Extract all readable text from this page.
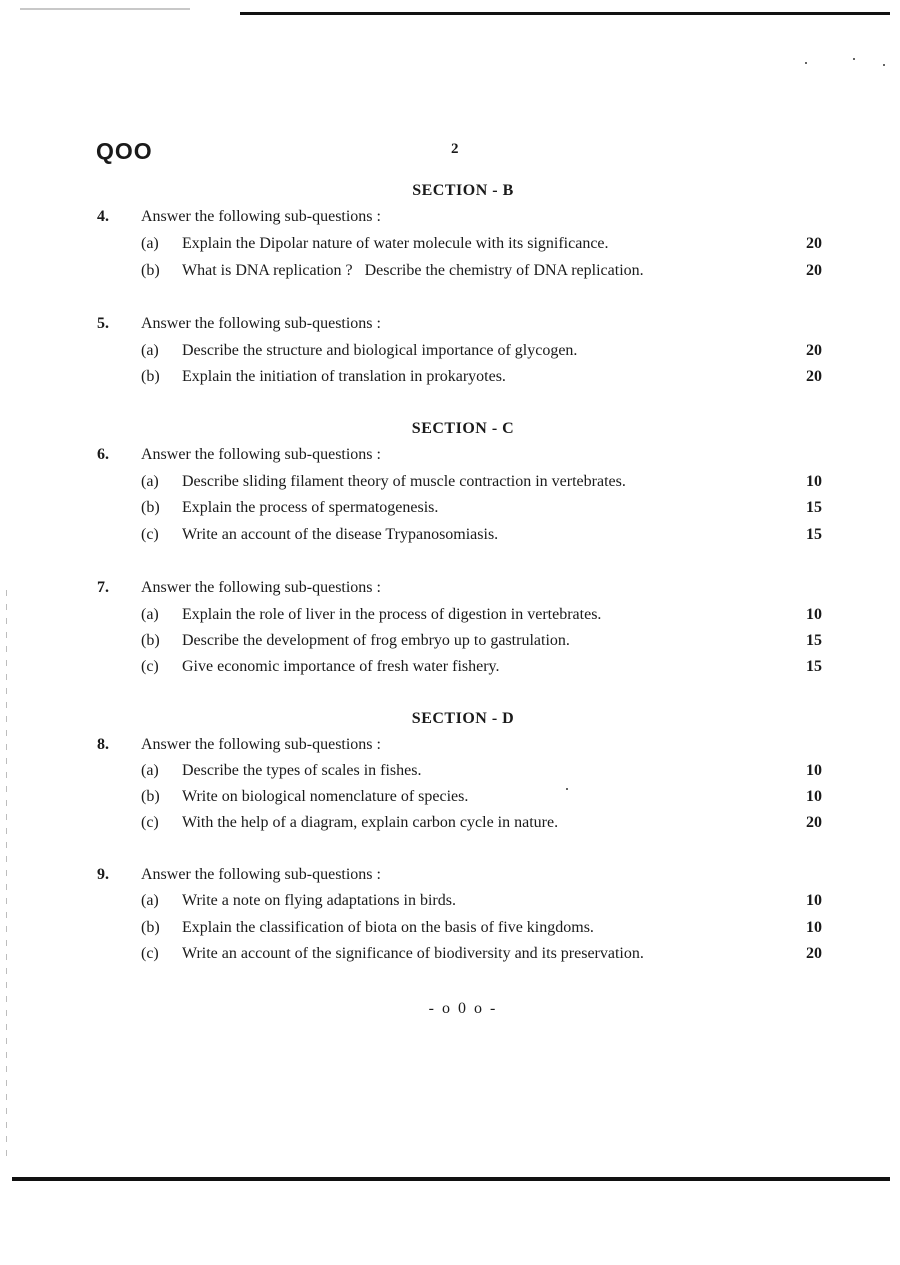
QOO	2
SECTION - B
4. Answer the following sub-questions :
(a) Explain the Dipolar nature of water molecule with its significance.	20
(b) What is DNA replication ?   Describe the chemistry of DNA replication.	20
5. Answer the following sub-questions :
(a) Describe the structure and biological importance of glycogen.	20
(b) Explain the initiation of translation in prokaryotes.	20
SECTION - C
6. Answer the following sub-questions :
(a) Describe sliding filament theory of muscle contraction in vertebrates.	10
(b) Explain the process of spermatogenesis.	15
(c) Write an account of the disease Trypanosomiasis.	15
7. Answer the following sub-questions :
(a) Explain the role of liver in the process of digestion in vertebrates.	10
(b) Describe the development of frog embryo up to gastrulation.	15
(c) Give economic importance of fresh water fishery.	15
SECTION - D
8. Answer the following sub-questions :
(a) Describe the types of scales in fishes.	10
(b) Write on biological nomenclature of species.	10
(c) With the help of a diagram, explain carbon cycle in nature.	20
9. Answer the following sub-questions :
(a) Write a note on flying adaptations in birds.	10
(b) Explain the classification of biota on the basis of five kingdoms.	10
(c) Write an account of the significance of biodiversity and its preservation.	20
- o 0 o -
